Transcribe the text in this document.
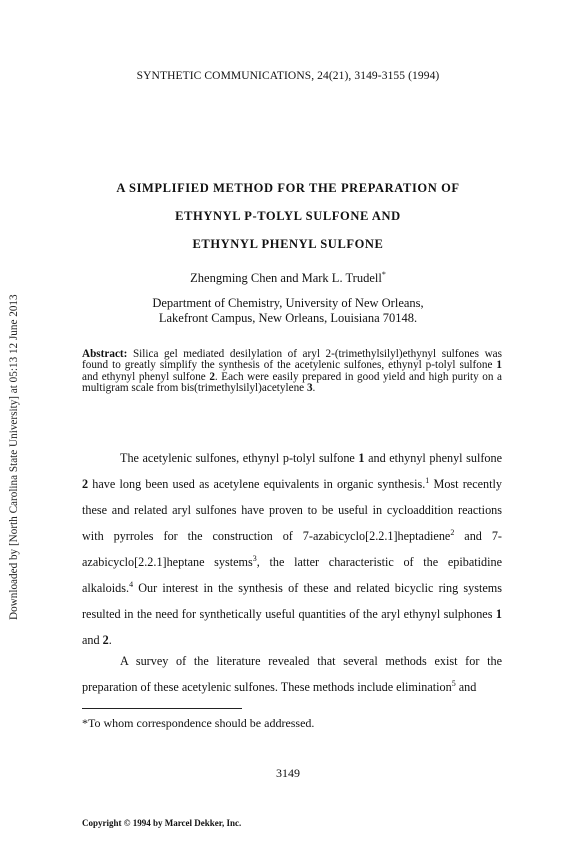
SYNTHETIC COMMUNICATIONS, 24(21), 3149-3155 (1994)
Downloaded by [North Carolina State University] at 05:13 12 June 2013
A SIMPLIFIED METHOD FOR THE PREPARATION OF
ETHYNYL P-TOLYL SULFONE AND
ETHYNYL PHENYL SULFONE
Zhengming Chen and Mark L. Trudell*
Department of Chemistry, University of New Orleans,
Lakefront Campus, New Orleans, Louisiana 70148.
Abstract: Silica gel mediated desilylation of aryl 2-(trimethylsilyl)ethynyl sulfones was found to greatly simplify the synthesis of the acetylenic sulfones, ethynyl p-tolyl sulfone 1 and ethynyl phenyl sulfone 2. Each were easily prepared in good yield and high purity on a multigram scale from bis(trimethylsilyl)acetylene 3.

The acetylenic sulfones, ethynyl p-tolyl sulfone 1 and ethynyl phenyl sulfone 2 have long been used as acetylene equivalents in organic synthesis.$^1$ Most recently these and related aryl sulfones have proven to be useful in cycloaddition reactions with pyrroles for the construction of 7-azabicyclo[2.2.1]heptadiene$^2$ and 7-azabicyclo[2.2.1]heptane systems$^3$, the latter characteristic of the epibatidine alkaloids.$^4$ Our interest in the synthesis of these and related bicyclic ring systems resulted in the need for synthetically useful quantities of the aryl ethynyl sulphones 1 and 2.

A survey of the literature revealed that several methods exist for the preparation of these acetylenic sulfones. These methods include elimination$^5$ and

*To whom correspondence should be addressed.
3149
Copyright © 1994 by Marcel Dekker, Inc.
